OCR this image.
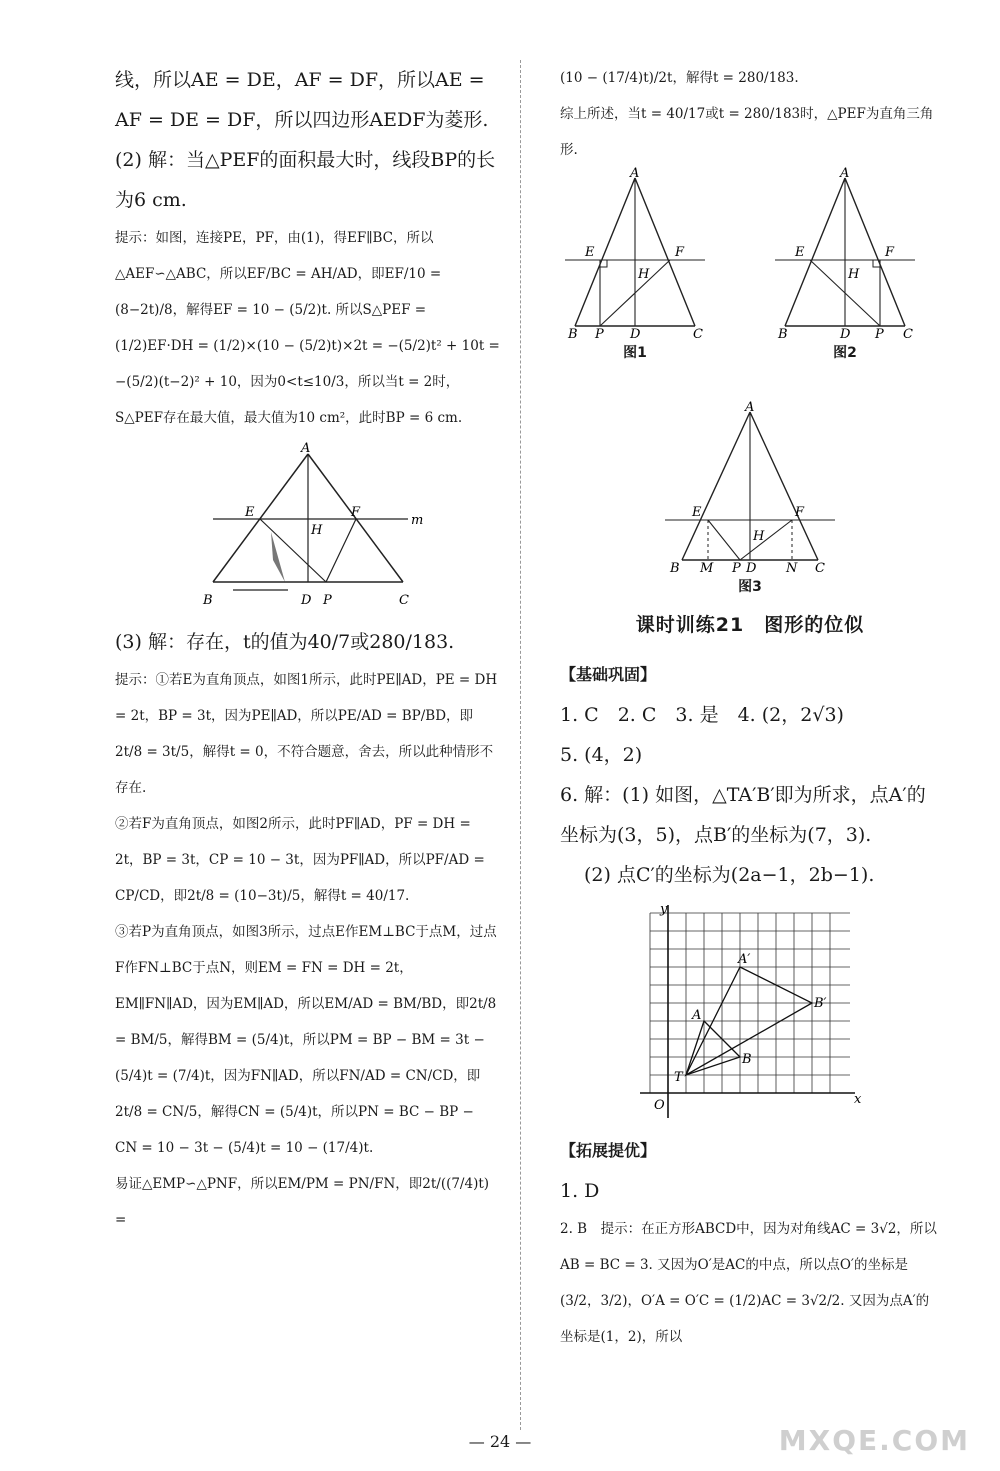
线，所以AE = DE，AF = DF，所以AE = AF = DE = DF，所以四边形AEDF为菱形.

(2) 解：当△PEF的面积最大时，线段BP的长为6 cm.

提示：如图，连接PE，PF，由(1)，得EF∥BC，所以△AEF∽△ABC，所以EF/BC = AH/AD，即EF/10 = (8−2t)/8，解得EF = 10 − (5/2)t. 所以S△PEF = (1/2)EF·DH = (1/2)×(10 − (5/2)t)×2t = −(5/2)t² + 10t = −(5/2)(t−2)² + 10，因为0<t≤10/3，所以当t = 2时，S△PEF存在最大值，最大值为10 cm²，此时BP = 6 cm.

A
E	F
H
m
B	D P	C

(3) 解：存在，t的值为40/7或280/183.

提示：①若E为直角顶点，如图1所示，此时PE∥AD，PE = DH = 2t，BP = 3t，因为PE∥AD，所以PE/AD = BP/BD，即2t/8 = 3t/5，解得t = 0，不符合题意，舍去，所以此种情形不存在.

②若F为直角顶点，如图2所示，此时PF∥AD，PF = DH = 2t，BP = 3t，CP = 10 − 3t，因为PF∥AD，所以PF/AD = CP/CD，即2t/8 = (10−3t)/5，解得t = 40/17.

③若P为直角顶点，如图3所示，过点E作EM⊥BC于点M，过点F作FN⊥BC于点N，则EM = FN = DH = 2t，EM∥FN∥AD，因为EM∥AD，所以EM/AD = BM/BD，即2t/8 = BM/5，解得BM = (5/4)t，所以PM = BP − BM = 3t − (5/4)t = (7/4)t，因为FN∥AD，所以FN/AD = CN/CD，即2t/8 = CN/5，解得CN = (5/4)t，所以PN = BC − BP − CN = 10 − 3t − (5/4)t = 10 − (17/4)t.

易证△EMP∽△PNF，所以EM/PM = PN/FN，即2t/((7/4)t) =

(10 − (17/4)t)/2t，解得t = 280/183.

综上所述，当t = 40/17或t = 280/183时，△PEF为直角三角形.

A
E	F
H
B P D	C
图1
A
E	F
H
B	D P C
图2
A
E	F
H
B M P D N C
图3
课时训练21　图形的位似

【基础巩固】

1. C　2. C　3. 是　4. (2，2√3)

5. (4，2)

6. 解：(1) 如图，△TA′B′即为所求，点A′的坐标为(3，5)，点B′的坐标为(7，3).

(2) 点C′的坐标为(2a−1，2b−1).

x
y
O
T
A
B
A′
B′

【拓展提优】

1. D

2. B　提示：在正方形ABCD中，因为对角线AC = 3√2，所以AB = BC = 3. 又因为O′是AC的中点，所以点O′的坐标是(3/2，3/2)，O′A = O′C = (1/2)AC = 3√2/2. 又因为点A′的坐标是(1，2)，所以

— 24 —	MXQE.COM
